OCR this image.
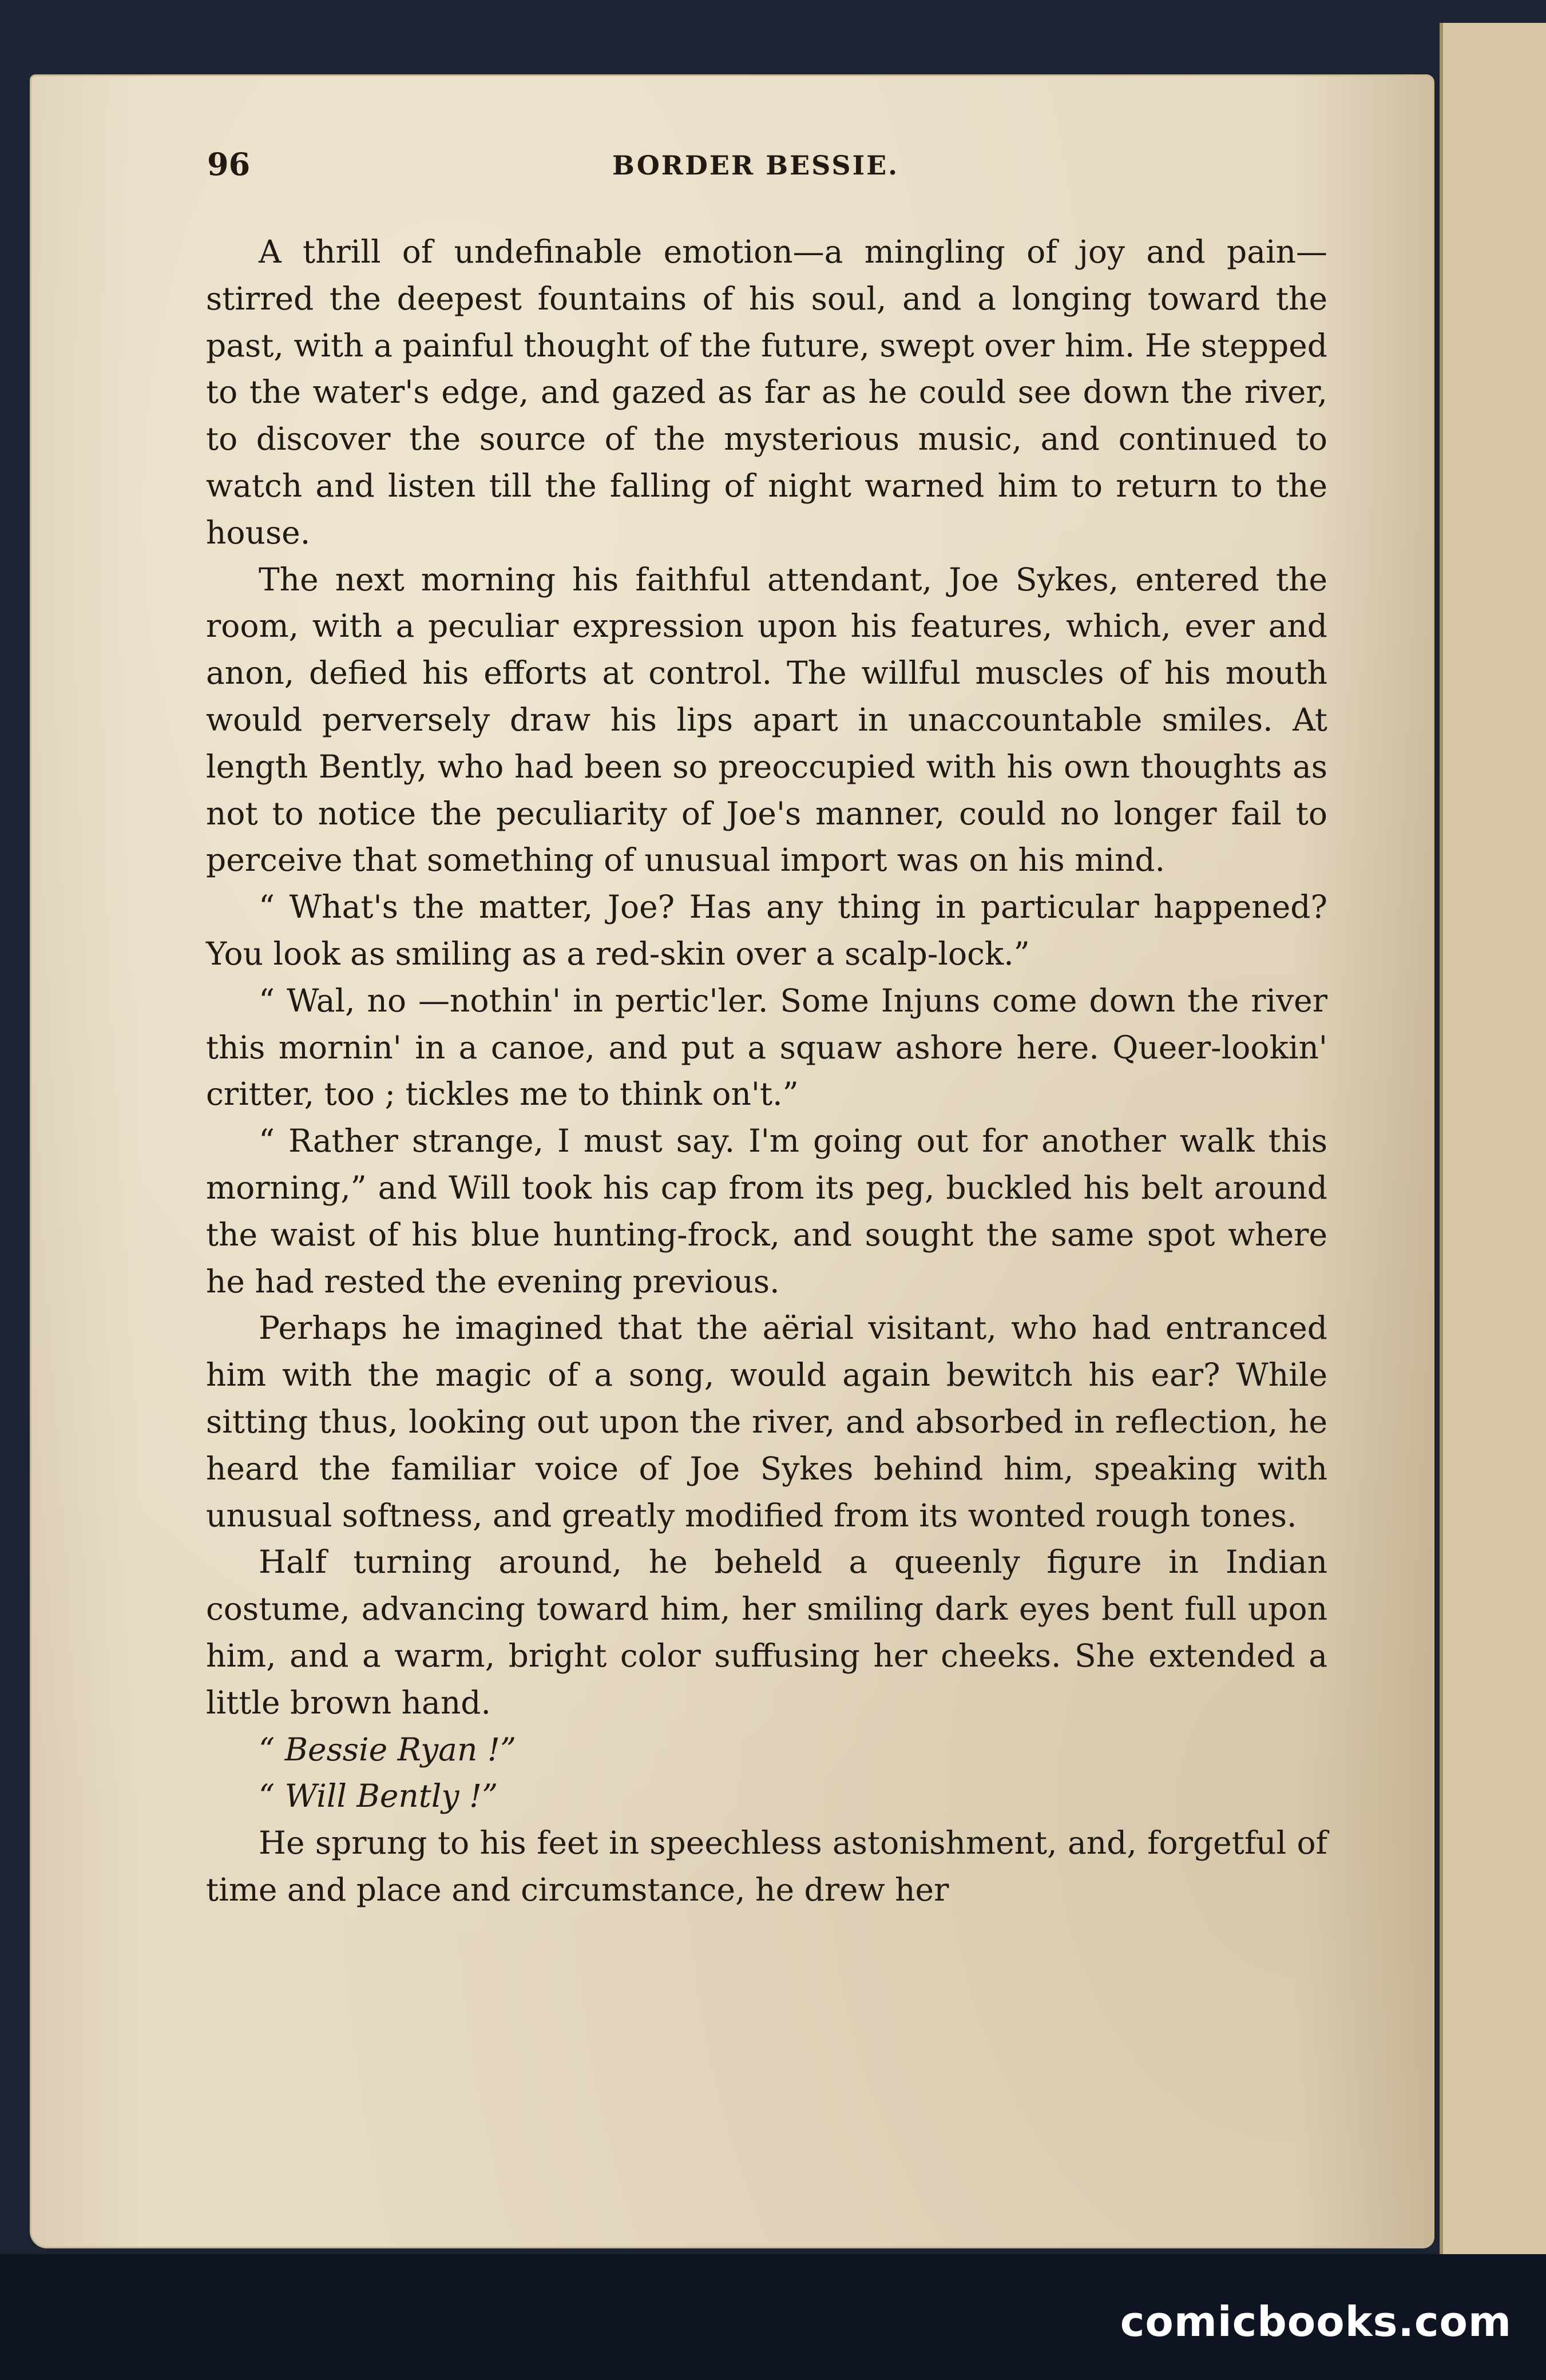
96	BORDER BESSIE.

A thrill of undefinable emotion—a mingling of joy and pain—stirred the deepest fountains of his soul, and a longing toward the past, with a painful thought of the future, swept over him. He stepped to the water's edge, and gazed as far as he could see down the river, to discover the source of the mysterious music, and continued to watch and listen till the falling of night warned him to return to the house.

The next morning his faithful attendant, Joe Sykes, entered the room, with a peculiar expression upon his features, which, ever and anon, defied his efforts at control. The willful muscles of his mouth would perversely draw his lips apart in unaccountable smiles. At length Bently, who had been so preoccupied with his own thoughts as not to notice the peculiarity of Joe's manner, could no longer fail to perceive that something of unusual import was on his mind.

“ What's the matter, Joe? Has any thing in particular happened? You look as smiling as a red-skin over a scalp-lock.”

“ Wal, no —nothin' in pertic'ler. Some Injuns come down the river this mornin' in a canoe, and put a squaw ashore here. Queer-lookin' critter, too ; tickles me to think on't.”

“ Rather strange, I must say. I'm going out for another walk this morning,” and Will took his cap from its peg, buckled his belt around the waist of his blue hunting-frock, and sought the same spot where he had rested the evening previous.

Perhaps he imagined that the aërial visitant, who had entranced him with the magic of a song, would again bewitch his ear? While sitting thus, looking out upon the river, and absorbed in reflection, he heard the familiar voice of Joe Sykes behind him, speaking with unusual softness, and greatly modified from its wonted rough tones.

Half turning around, he beheld a queenly figure in Indian costume, advancing toward him, her smiling dark eyes bent full upon him, and a warm, bright color suffusing her cheeks. She extended a little brown hand.

“ Bessie Ryan !”

“ Will Bently !”

He sprung to his feet in speechless astonishment, and, forgetful of time and place and circumstance, he drew her

comicbooks.com
